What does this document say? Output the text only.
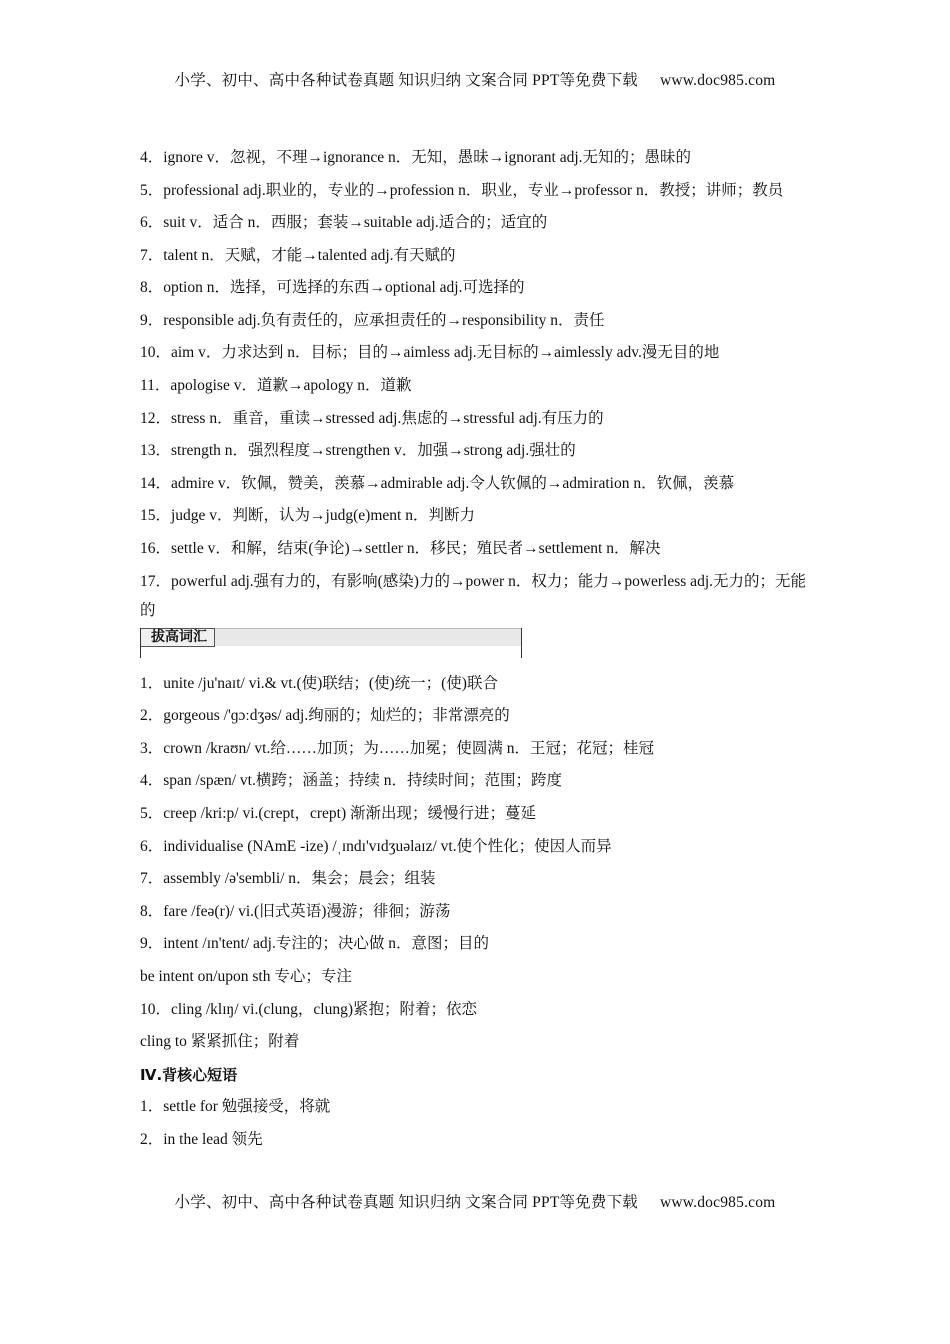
小学、初中、高中各种试卷真题 知识归纳 文案合同 PPT等免费下载 www.doc985.com
4．ignore v．忽视，不理→ignorance n．无知，愚昧→ignorant adj.无知的；愚昧的
5．professional adj.职业的，专业的→profession n．职业，专业→professor n．教授；讲师；教员
6．suit v．适合 n．西服；套装→suitable adj.适合的；适宜的
7．talent n．天赋，才能→talented adj.有天赋的
8．option n．选择，可选择的东西→optional adj.可选择的
9．responsible adj.负有责任的，应承担责任的→responsibility n．责任
10．aim v．力求达到 n．目标；目的→aimless adj.无目标的→aimlessly adv.漫无目的地
11．apologise v．道歉→apology n．道歉
12．stress n．重音，重读→stressed adj.焦虑的→stressful adj.有压力的
13．strength n．强烈程度→strengthen v．加强→strong adj.强壮的
14．admire v．钦佩，赞美，羡慕→admirable adj.令人钦佩的→admiration n．钦佩，羡慕
15．judge v．判断，认为→judg(e)ment n．判断力
16．settle v．和解，结束(争论)→settler n．移民；殖民者→settlement n．解决
17．powerful adj.强有力的，有影响(感染)力的→power n．权力；能力→powerless adj.无力的；无能的
拔高词汇
1．unite /ju'naɪt/ vi.& vt.(使)联结；(使)统一；(使)联合
2．gorgeous /'ɡɔːdʒəs/ adj.绚丽的；灿烂的；非常漂亮的
3．crown /kraʊn/ vt.给……加顶；为……加冕；使圆满 n．王冠；花冠；桂冠
4．span /spæn/ vt.横跨；涵盖；持续 n．持续时间；范围；跨度
5．creep /kri:p/ vi.(crept，crept) 渐渐出现；缓慢行进；蔓延
6．individualise (NAmE -ize) /ˌɪndɪ'vɪdʒuəlaɪz/ vt.使个性化；使因人而异
7．assembly /ə'sembli/ n．集会；晨会；组装
8．fare /feə(r)/ vi.(旧式英语)漫游；徘徊；游荡
9．intent /ɪn'tent/ adj.专注的；决心做 n．意图；目的
be intent on/upon sth 专心；专注
10．cling /klɪŋ/ vi.(clung，clung)紧抱；附着；依恋
cling to 紧紧抓住；附着
Ⅳ.背核心短语
1．settle for 勉强接受，将就
2．in the lead 领先
小学、初中、高中各种试卷真题 知识归纳 文案合同 PPT等免费下载 www.doc985.com
